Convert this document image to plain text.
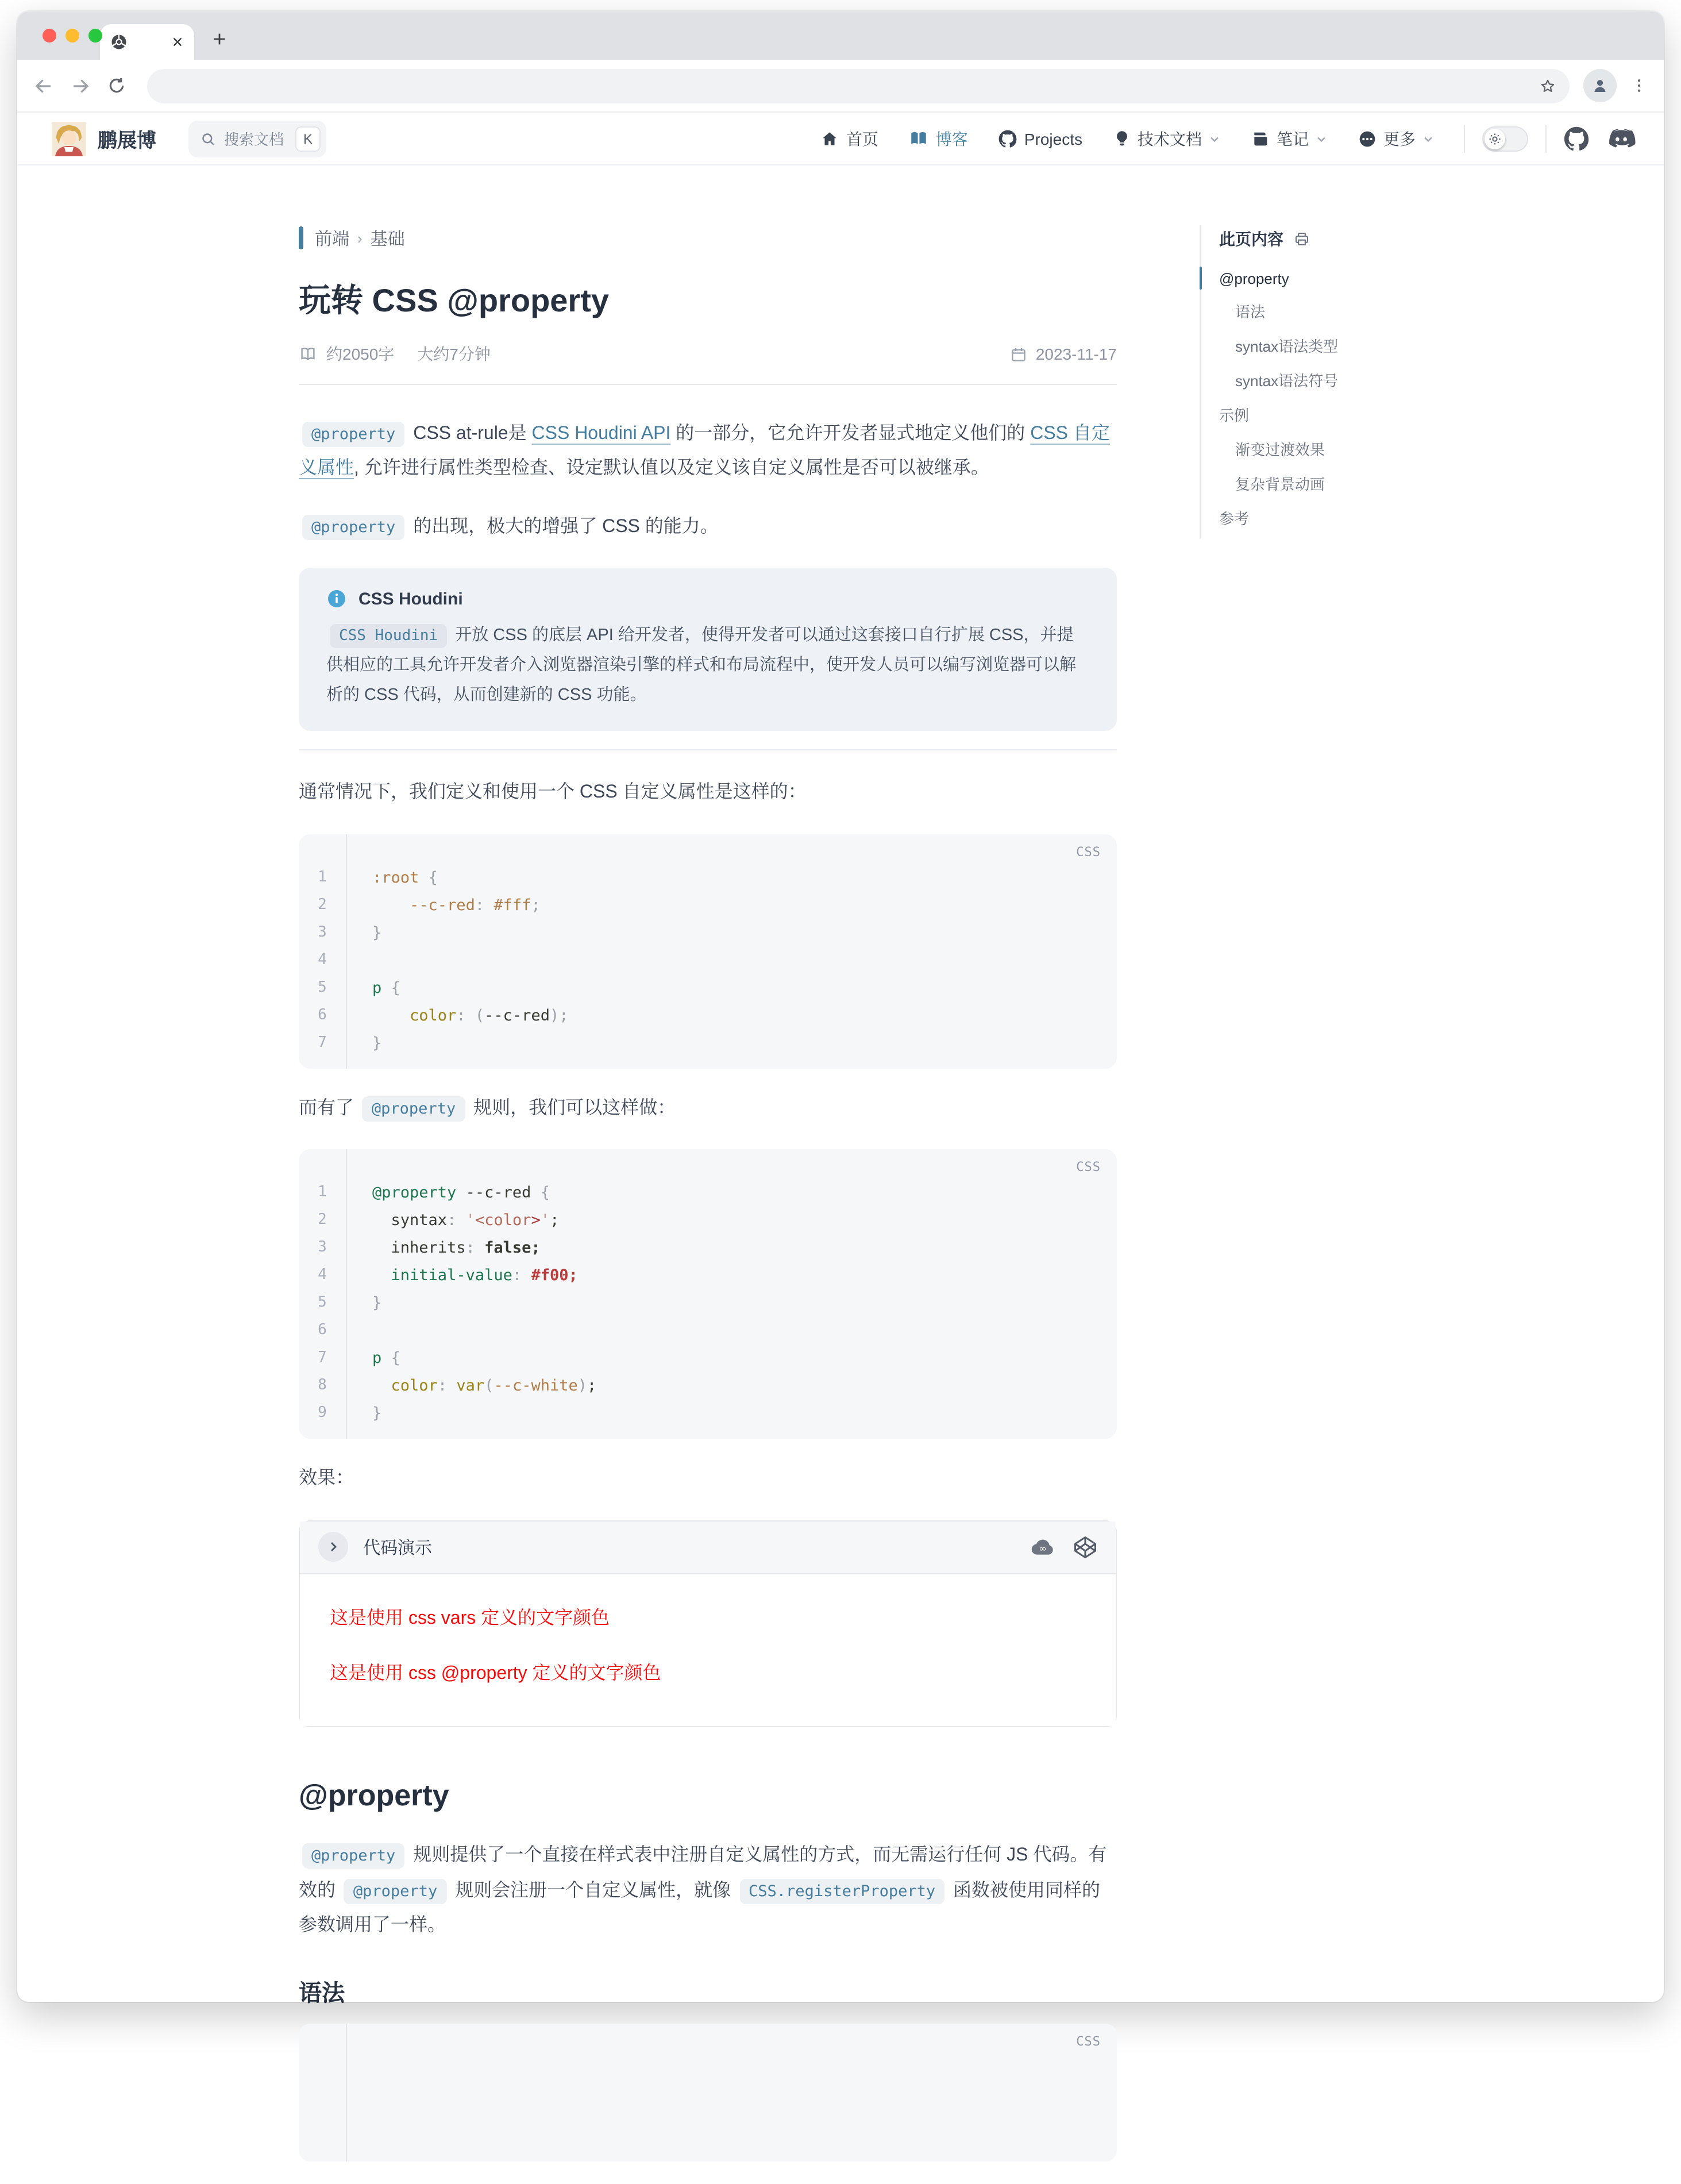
鹏展博	搜索文档	K	首页	博客	Projects	技术文档	笔记	更多
前端 › 基础
玩转 CSS @property
约2050字	大约7分钟	2023-11-17

@property CSS at-rule是 CSS Houdini API 的一部分，它允许开发者显式地定义他们的 CSS 自定义属性, 允许进行属性类型检查、设定默认值以及定义该自定义属性是否可以被继承。

@property 的出现，极大的增强了 CSS 的能力。

CSS Houdini

CSS Houdini 开放 CSS 的底层 API 给开发者，使得开发者可以通过这套接口自行扩展 CSS，并提供相应的工具允许开发者介入浏览器渲染引擎的样式和布局流程中，使开发人员可以编写浏览器可以解析的 CSS 代码，从而创建新的 CSS 功能。

通常情况下，我们定义和使用一个 CSS 自定义属性是这样的：

1
2
3
4
5
6
7
:root {
--c-red: #fff;
}

p {
color: (--c-red);
}
CSS

而有了 @property 规则，我们可以这样做：

1
2
3
4
5
6
7
8
9
@property --c-red {
syntax: '<color>';
inherits: false;
initial-value: #f00;
}

p {
color: var(--c-white);
}
CSS

效果：

代码演示	∞

这是使用 css vars 定义的文字颜色

这是使用 css @property 定义的文字颜色

@property

@property 规则提供了一个直接在样式表中注册自定义属性的方式，而无需运行任何 JS 代码。有效的 @property 规则会注册一个自定义属性，就像 CSS.registerProperty 函数被使用同样的参数调用了一样。

语法

CSS
此页内容
@property
语法
syntax语法类型
syntax语法符号
示例
渐变过渡效果
复杂背景动画
参考
